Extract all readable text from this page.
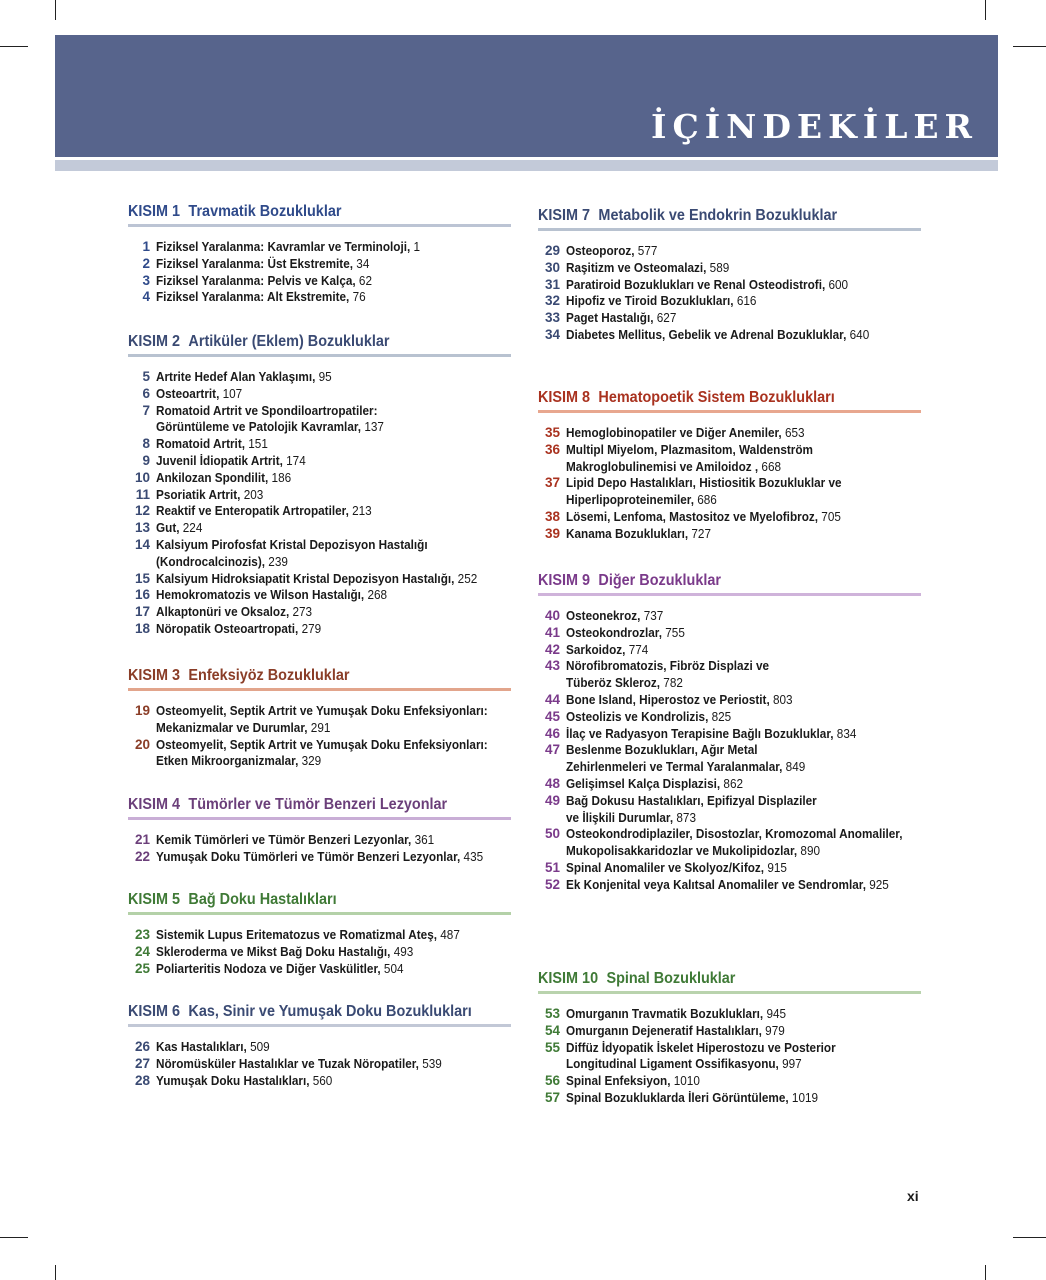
İÇİNDEKİLER
KISIM 1 Travmatik Bozukluklar
1 Fiziksel Yaralanma: Kavramlar ve Terminoloji, 1
2 Fiziksel Yaralanma: Üst Ekstremite, 34
3 Fiziksel Yaralanma: Pelvis ve Kalça, 62
4 Fiziksel Yaralanma: Alt Ekstremite, 76
KISIM 2 Artiküler (Eklem) Bozukluklar
5 Artrite Hedef Alan Yaklaşımı, 95
6 Osteoartrit, 107
7 Romatoid Artrit ve Spondiloartropatiler:
Görüntüleme ve Patolojik Kavramlar, 137
8 Romatoid Artrit, 151
9 Juvenil İdiopatik Artrit, 174
10 Ankilozan Spondilit, 186
11 Psoriatik Artrit, 203
12 Reaktif ve Enteropatik Artropatiler, 213
13 Gut, 224
14 Kalsiyum Pirofosfat Kristal Depozisyon Hastalığı
(Kondrocalcinozis), 239
15 Kalsiyum Hidroksiapatit Kristal Depozisyon Hastalığı, 252
16 Hemokromatozis ve Wilson Hastalığı, 268
17 Alkaptonüri ve Oksaloz, 273
18 Nöropatik Osteoartropati, 279
KISIM 3 Enfeksiyöz Bozukluklar
19 Osteomyelit, Septik Artrit ve Yumuşak Doku Enfeksiyonları:
Mekanizmalar ve Durumlar, 291
20 Osteomyelit, Septik Artrit ve Yumuşak Doku Enfeksiyonları:
Etken Mikroorganizmalar, 329
KISIM 4 Tümörler ve Tümör Benzeri Lezyonlar
21 Kemik Tümörleri ve Tümör Benzeri Lezyonlar, 361
22 Yumuşak Doku Tümörleri ve Tümör Benzeri Lezyonlar, 435
KISIM 5 Bağ Doku Hastalıkları
23 Sistemik Lupus Eritematozus ve Romatizmal Ateş, 487
24 Skleroderma ve Mikst Bağ Doku Hastalığı, 493
25 Poliarteritis Nodoza ve Diğer Vaskülitler, 504
KISIM 6 Kas, Sinir ve Yumuşak Doku Bozuklukları
26 Kas Hastalıkları, 509
27 Nöromüsküler Hastalıklar ve Tuzak Nöropatiler, 539
28 Yumuşak Doku Hastalıkları, 560
KISIM 7 Metabolik ve Endokrin Bozukluklar
29 Osteoporoz, 577
30 Raşitizm ve Osteomalazi, 589
31 Paratiroid Bozuklukları ve Renal Osteodistrofi, 600
32 Hipofiz ve Tiroid Bozuklukları, 616
33 Paget Hastalığı, 627
34 Diabetes Mellitus, Gebelik ve Adrenal Bozukluklar, 640
KISIM 8 Hematopoetik Sistem Bozuklukları
35 Hemoglobinopatiler ve Diğer Anemiler, 653
36 Multipl Miyelom, Plazmasitom, Waldenström
Makroglobulinemisi ve Amiloidoz , 668
37 Lipid Depo Hastalıkları, Histiositik Bozukluklar ve
Hiperlipoproteinemiler, 686
38 Lösemi, Lenfoma, Mastositoz ve Myelofibroz, 705
39 Kanama Bozuklukları, 727
KISIM 9 Diğer Bozukluklar
40 Osteonekroz, 737
41 Osteokondrozlar, 755
42 Sarkoidoz, 774
43 Nörofibromatozis, Fibröz Displazi ve
Tüberöz Skleroz, 782
44 Bone Island, Hiperostoz ve Periostit, 803
45 Osteolizis ve Kondrolizis, 825
46 İlaç ve Radyasyon Terapisine Bağlı Bozukluklar, 834
47 Beslenme Bozuklukları, Ağır Metal
Zehirlenmeleri ve Termal Yaralanmalar, 849
48 Gelişimsel Kalça Displazisi, 862
49 Bağ Dokusu Hastalıkları, Epifizyal Displaziler
ve İlişkili Durumlar, 873
50 Osteokondrodiplaziler, Disostozlar, Kromozomal Anomaliler,
Mukopolisakkaridozlar ve Mukolipidozlar, 890
51 Spinal Anomaliler ve Skolyoz/Kifoz, 915
52 Ek Konjenital veya Kalıtsal Anomaliler ve Sendromlar, 925
KISIM 10 Spinal Bozukluklar
53 Omurganın Travmatik Bozuklukları, 945
54 Omurganın Dejeneratif Hastalıkları, 979
55 Diffüz İdyopatik İskelet Hiperostozu ve Posterior
Longitudinal Ligament Ossifikasyonu, 997
56 Spinal Enfeksiyon, 1010
57 Spinal Bozukluklarda İleri Görüntüleme, 1019
xi
